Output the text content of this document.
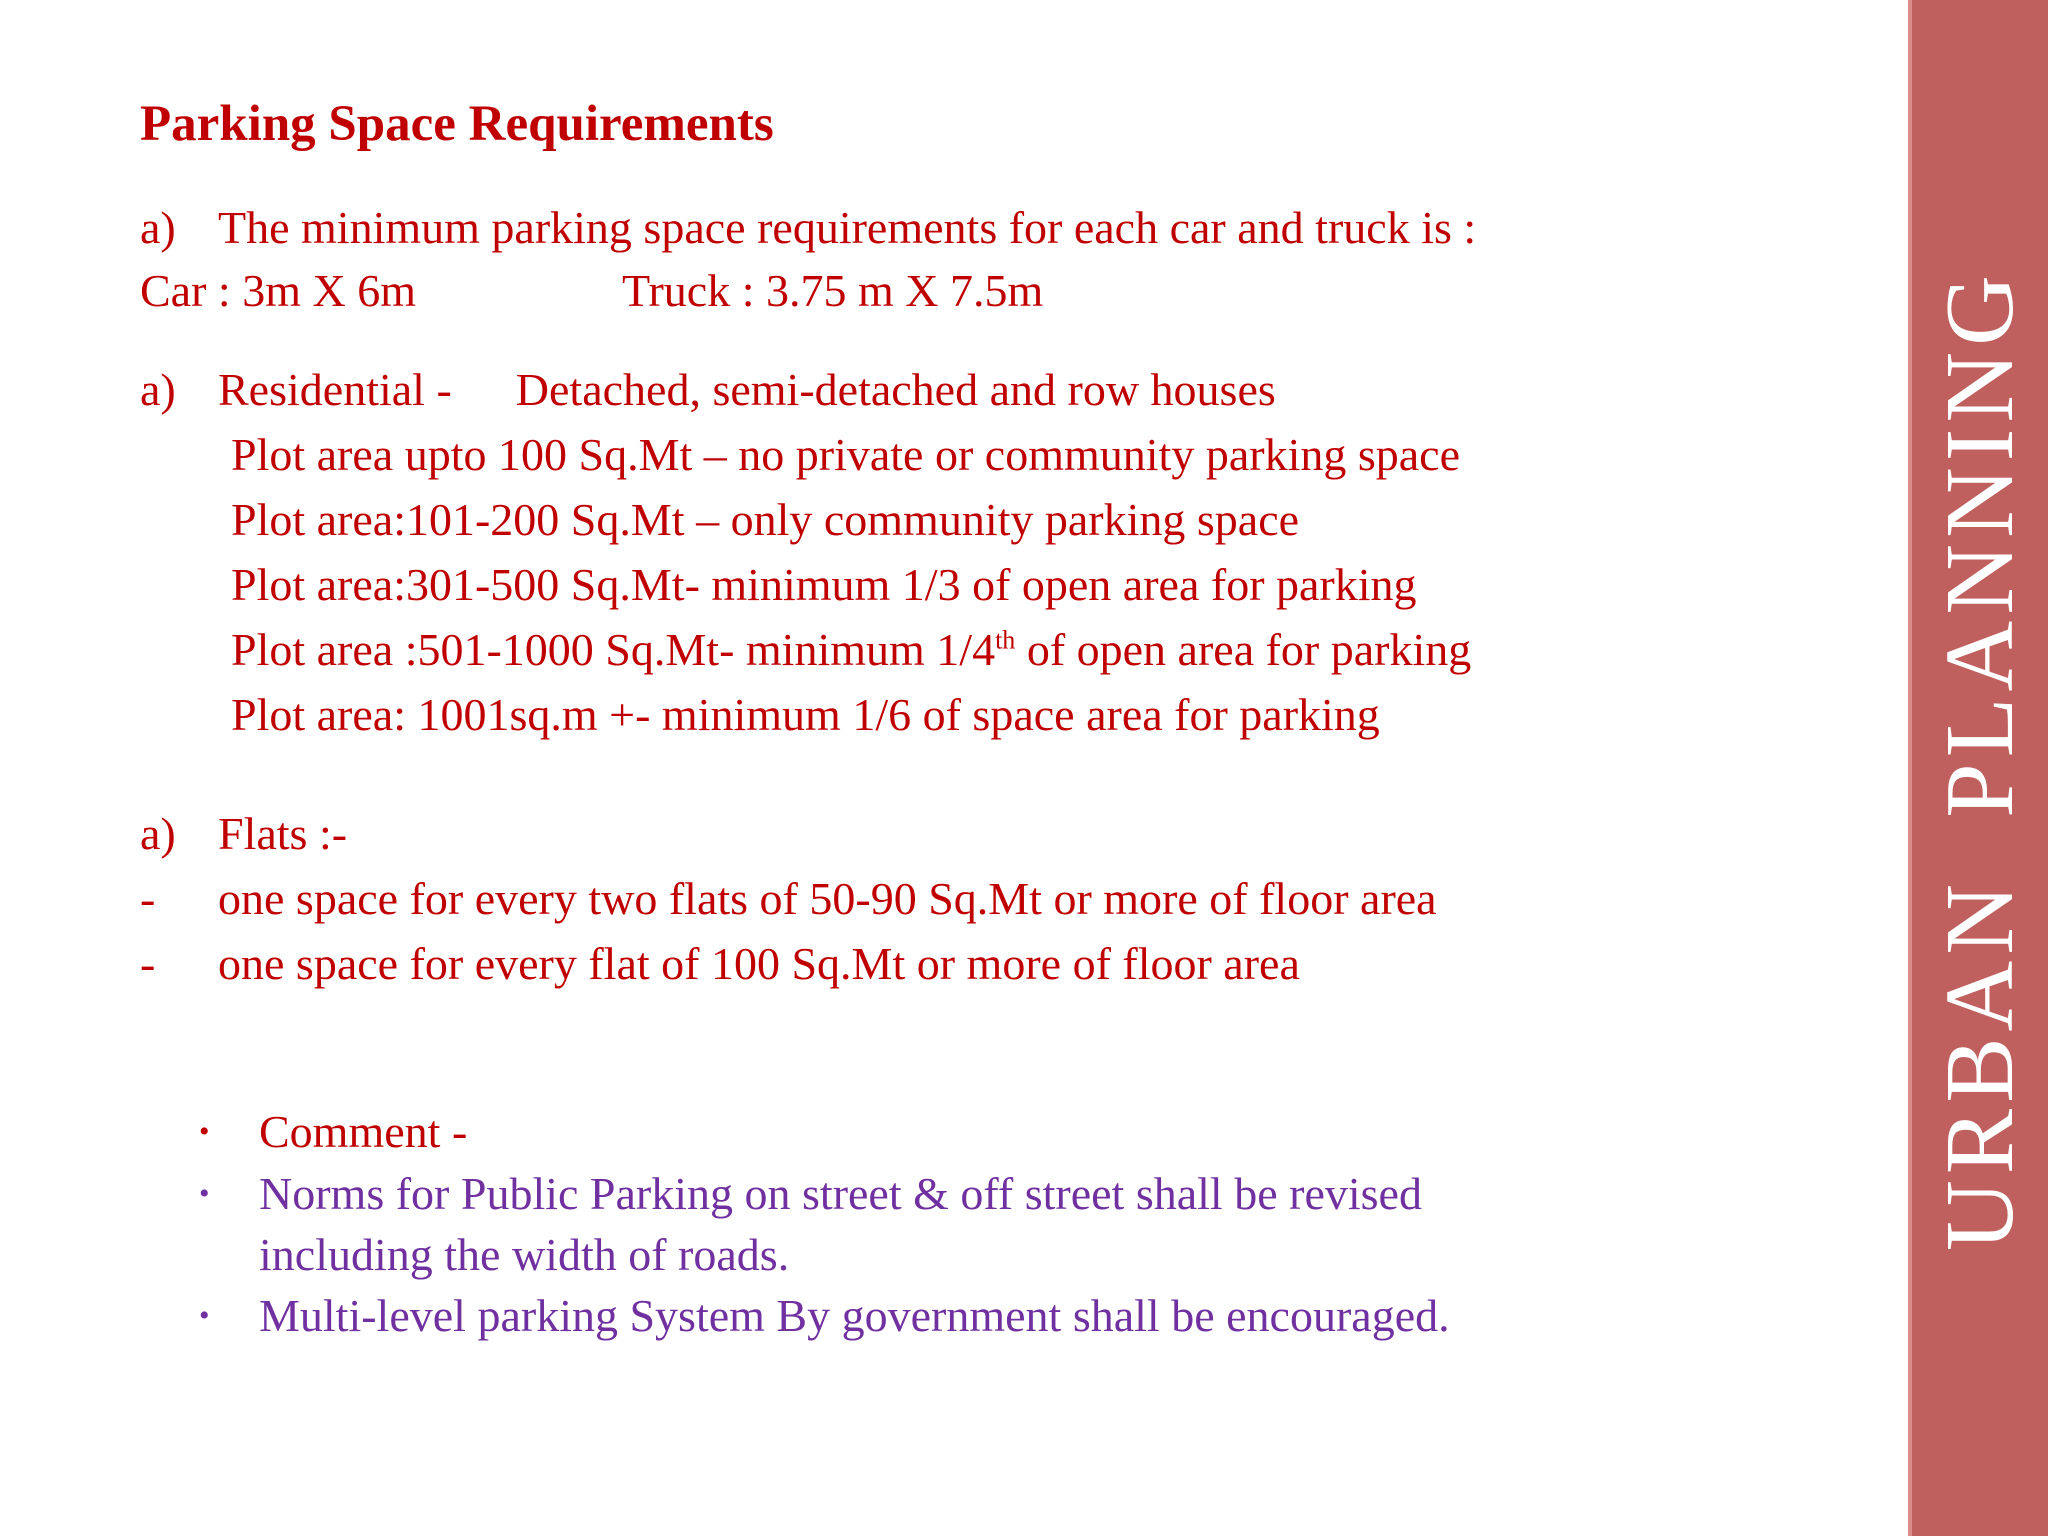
URBANPLANNING
Parking Space Requirements
a) The minimum parking space requirements for each car and truck is :
Car : 3m X 6m	Truck : 3.75 m X 7.5m
a) Residential - Detached, semi-detached and row houses
Plot area upto 100 Sq.Mt – no private or community parking space
Plot area:101-200 Sq.Mt – only community parking space
Plot area:301-500 Sq.Mt- minimum 1/3 of open area for parking
Plot area :501-1000 Sq.Mt- minimum 1/4th of open area for parking
Plot area: 1001sq.m +- minimum 1/6 of space area for parking
a) Flats :-
- one space for every two flats of 50-90 Sq.Mt or more of floor area
- one space for every flat of 100 Sq.Mt or more of floor area
• Comment -
• Norms for Public Parking on street & off street shall be revised
including the width of roads.
• Multi-level parking System By government shall be encouraged.
